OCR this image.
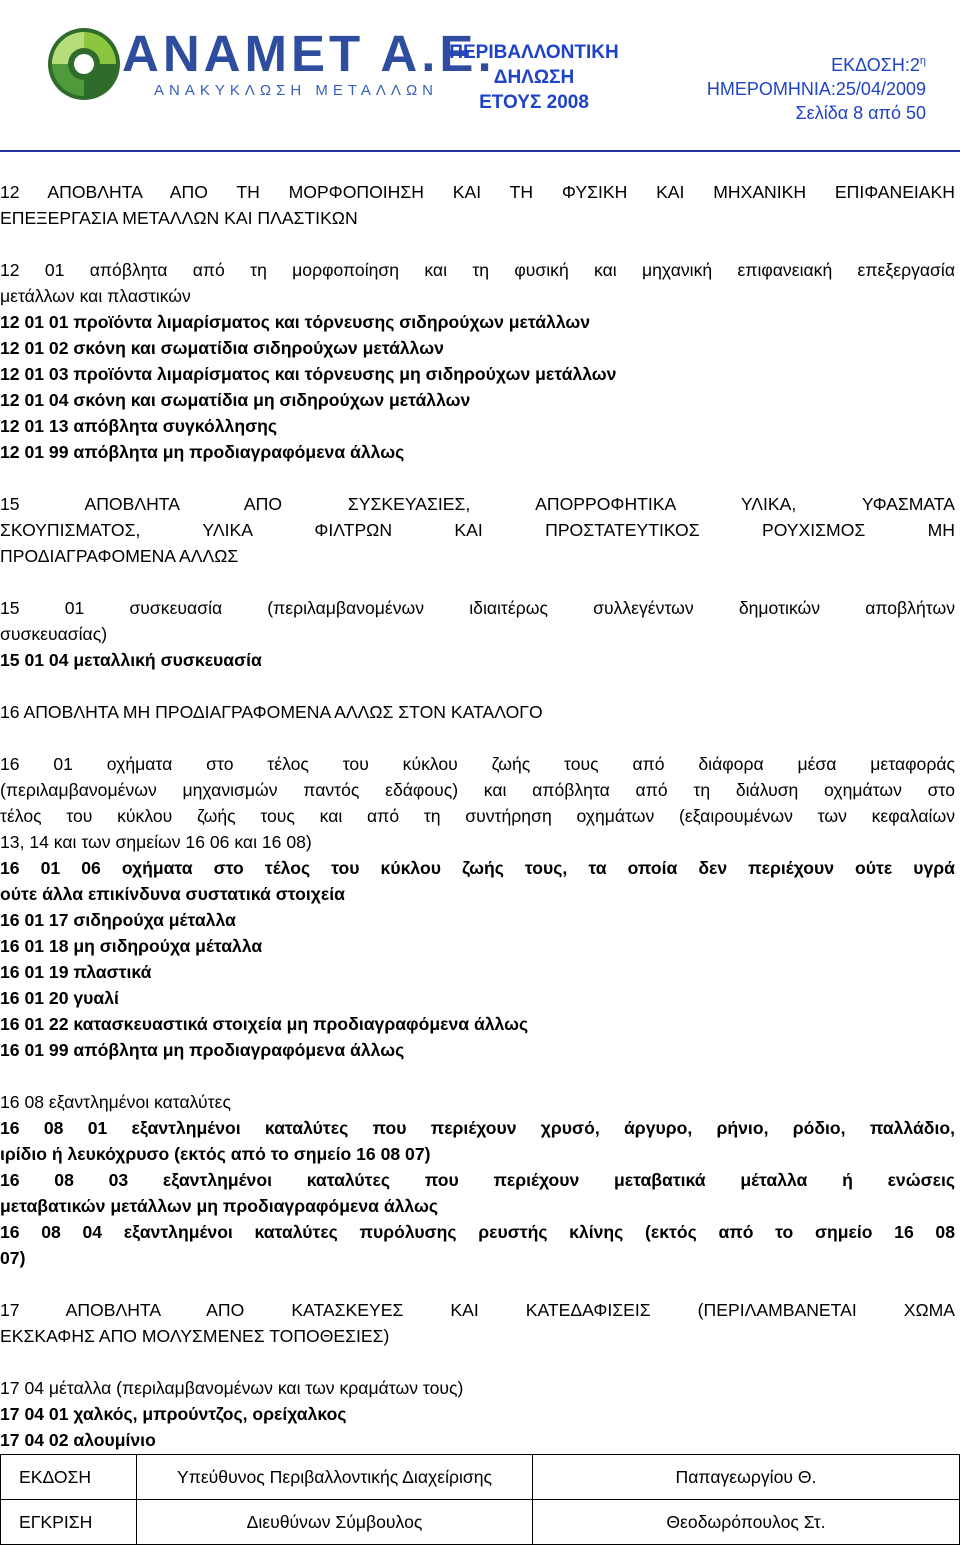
ANAMET A.E.
ΑΝΑΚΥΚΛΩΣΗ ΜΕΤΑΛΛΩΝ
ΠΕΡΙΒΑΛΛΟΝΤΙΚΗ
ΔΗΛΩΣΗ
ΕΤΟΥΣ 2008
$EK\Delta O\Sigma H:2^\eta$
ΗΜΕΡΟΜΗΝΙΑ:25/04/2009
Σελίδα 8 από 50

12 ΑΠΟΒΛΗΤΑ ΑΠΟ ΤΗ ΜΟΡΦΟΠΟΙΗΣΗ ΚΑΙ ΤΗ ΦΥΣΙΚΗ ΚΑΙ ΜΗΧΑΝΙΚΗ ΕΠΙΦΑΝΕΙΑΚΗ

ΕΠΕΞΕΡΓΑΣΙΑ ΜΕΤΑΛΛΩΝ ΚΑΙ ΠΛΑΣΤΙΚΩΝ

12 01 απόβλητα από τη μορφοποίηση και τη φυσική και μηχανική επιφανειακή επεξεργασία

μετάλλων και πλαστικών

12 01 01 προϊόντα λιμαρίσματος και τόρνευσης σιδηρούχων μετάλλων

12 01 02 σκόνη και σωματίδια σιδηρούχων μετάλλων

12 01 03 προϊόντα λιμαρίσματος και τόρνευσης μη σιδηρούχων μετάλλων

12 01 04 σκόνη και σωματίδια μη σιδηρούχων μετάλλων

12 01 13 απόβλητα συγκόλλησης

12 01 99 απόβλητα μη προδιαγραφόμενα άλλως

15 ΑΠΟΒΛΗΤΑ ΑΠΟ ΣΥΣΚΕΥΑΣΙΕΣ, ΑΠΟΡΡΟΦΗΤΙΚΑ ΥΛΙΚΑ, ΥΦΑΣΜΑΤΑ

ΣΚΟΥΠΙΣΜΑΤΟΣ, ΥΛΙΚΑ ΦΙΛΤΡΩΝ ΚΑΙ ΠΡΟΣΤΑΤΕΥΤΙΚΟΣ ΡΟΥΧΙΣΜΟΣ ΜΗ

ΠΡΟΔΙΑΓΡΑΦΟΜΕΝΑ ΑΛΛΩΣ

15 01 συσκευασία (περιλαμβανομένων ιδιαιτέρως συλλεγέντων δημοτικών αποβλήτων

συσκευασίας)

15 01 04 μεταλλική συσκευασία

16 ΑΠΟΒΛΗΤΑ ΜΗ ΠΡΟΔΙΑΓΡΑΦΟΜΕΝΑ ΑΛΛΩΣ ΣΤΟΝ ΚΑΤΑΛΟΓΟ

16 01 οχήματα στο τέλος του κύκλου ζωής τους από διάφορα μέσα μεταφοράς

(περιλαμβανομένων μηχανισμών παντός εδάφους) και απόβλητα από τη διάλυση οχημάτων στο

τέλος του κύκλου ζωής τους και από τη συντήρηση οχημάτων (εξαιρουμένων των κεφαλαίων

13, 14 και των σημείων 16 06 και 16 08)

16 01 06 οχήματα στο τέλος του κύκλου ζωής τους, τα οποία δεν περιέχουν ούτε υγρά

ούτε άλλα επικίνδυνα συστατικά στοιχεία

16 01 17 σιδηρούχα μέταλλα

16 01 18 μη σιδηρούχα μέταλλα

16 01 19 πλαστικά

16 01 20 γυαλί

16 01 22 κατασκευαστικά στοιχεία μη προδιαγραφόμενα άλλως

16 01 99 απόβλητα μη προδιαγραφόμενα άλλως

16 08 εξαντλημένοι καταλύτες

16 08 01 εξαντλημένοι καταλύτες που περιέχουν χρυσό, άργυρο, ρήνιο, ρόδιο, παλλάδιο,

ιρίδιο ή λευκόχρυσο (εκτός από το σημείο 16 08 07)

16 08 03 εξαντλημένοι καταλύτες που περιέχουν μεταβατικά μέταλλα ή ενώσεις

μεταβατικών μετάλλων μη προδιαγραφόμενα άλλως

16 08 04 εξαντλημένοι καταλύτες πυρόλυσης ρευστής κλίνης (εκτός από το σημείο 16 08

07)

17 ΑΠΟΒΛΗΤΑ ΑΠΟ ΚΑΤΑΣΚΕΥΕΣ ΚΑΙ ΚΑΤΕΔΑΦΙΣΕΙΣ (ΠΕΡΙΛΑΜΒΑΝΕΤΑΙ ΧΩΜΑ

ΕΚΣΚΑΦΗΣ ΑΠΟ ΜΟΛΥΣΜΕΝΕΣ ΤΟΠΟΘΕΣΙΕΣ)

17 04 μέταλλα (περιλαμβανομένων και των κραμάτων τους)

17 04 01 χαλκός, μπρούντζος, ορείχαλκος

17 04 02 αλουμίνιο

ΕΚΔΟΣΗ	Υπεύθυνος Περιβαλλοντικής Διαχείρισης	Παπαγεωργίου Θ.
ΕΓΚΡΙΣΗ	Διευθύνων Σύμβουλος	Θεοδωρόπουλος Στ.
